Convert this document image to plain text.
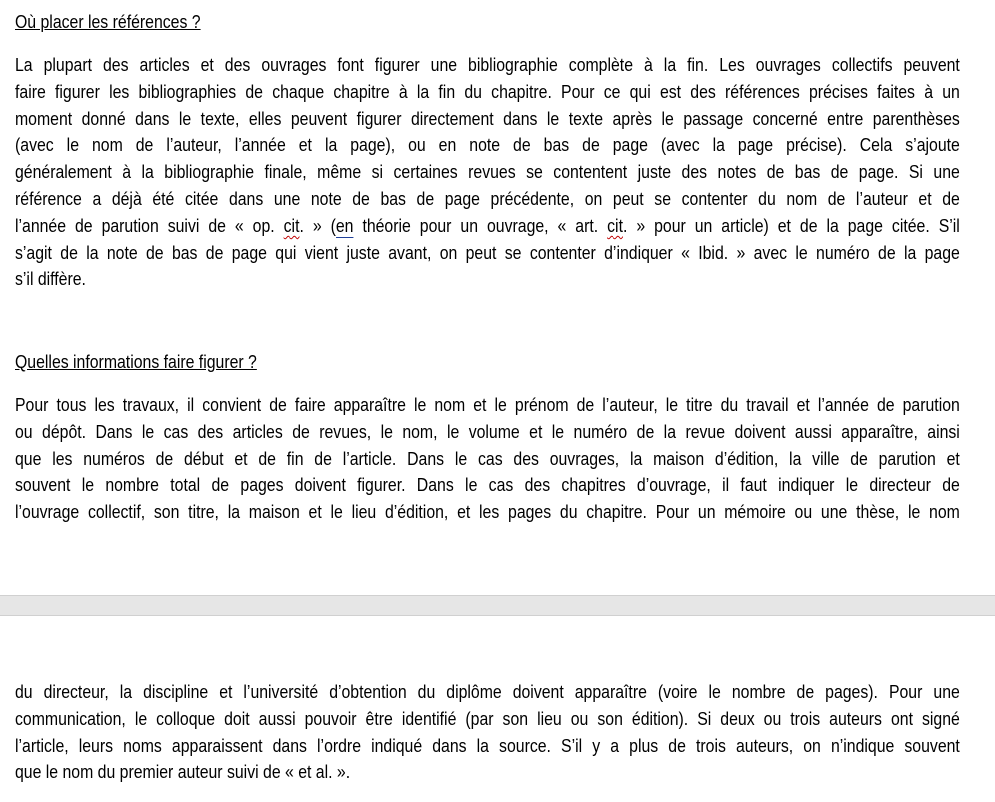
Où placer les références ?
La plupart des articles et des ouvrages font figurer une bibliographie complète à la fin. Les ouvrages collectifs peuvent
faire figurer les bibliographies de chaque chapitre à la fin du chapitre. Pour ce qui est des références précises faites à un
moment donné dans le texte, elles peuvent figurer directement dans le texte après le passage concerné entre parenthèses
(avec le nom de l’auteur, l’année et la page), ou en note de bas de page (avec la page précise). Cela s’ajoute
généralement à la bibliographie finale, même si certaines revues se contentent juste des notes de bas de page. Si une
référence a déjà été citée dans une note de bas de page précédente, on peut se contenter du nom de l’auteur et de
l’année de parution suivi de « op. cit. » (en théorie pour un ouvrage, « art. cit. » pour un article) et de la page citée. S’il
s’agit de la note de bas de page qui vient juste avant, on peut se contenter d’indiquer « Ibid. » avec le numéro de la page
s’il diffère.
Quelles informations faire figurer ?
Pour tous les travaux, il convient de faire apparaître le nom et le prénom de l’auteur, le titre du travail et l’année de parution
ou dépôt. Dans le cas des articles de revues, le nom, le volume et le numéro de la revue doivent aussi apparaître, ainsi
que les numéros de début et de fin de l’article. Dans le cas des ouvrages, la maison d’édition, la ville de parution et
souvent le nombre total de pages doivent figurer. Dans le cas des chapitres d’ouvrage, il faut indiquer le directeur de
l’ouvrage collectif, son titre, la maison et le lieu d’édition, et les pages du chapitre. Pour un mémoire ou une thèse, le nom
du directeur, la discipline et l’université d’obtention du diplôme doivent apparaître (voire le nombre de pages). Pour une
communication, le colloque doit aussi pouvoir être identifié (par son lieu ou son édition). Si deux ou trois auteurs ont signé
l’article, leurs noms apparaissent dans l’ordre indiqué dans la source. S’il y a plus de trois auteurs, on n’indique souvent
que le nom du premier auteur suivi de « et al. ».
